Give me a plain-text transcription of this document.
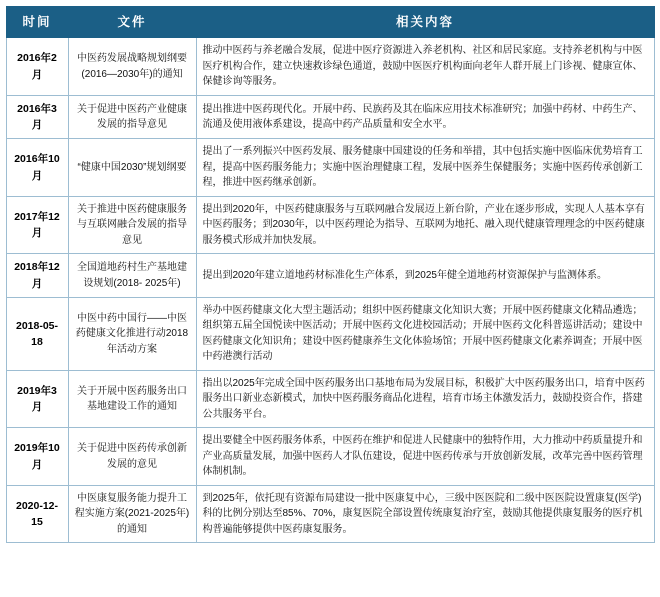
时间	文件	相关内容
2016年2月	中医药发展战略规划纲要(2016—2030年)的通知	推动中医药与养老融合发展，促进中医疗资源进入养老机构、社区和居民家庭。支持养老机构与中医医疗机构合作，建立快速救诊绿色通道，鼓励中医医疗机构面向老年人群开展上门诊视、健康宣体、保健诊询等服务。
2016年3月	关于促进中医药产业健康发展的指导意见	提出推进中医药现代化。开展中药、民族药及其在临床应用技术标准研究；加强中药材、中药生产、流通及使用液体系建设，提高中药产品质量和安全水平。
2016年10月	“健康中国2030”规划纲要	提出了一系列振兴中医药发展、服务健康中国建设的任务和举措，其中包括实施中医临床优势培育工程，提高中医药服务能力；实施中医治理健康工程，发展中医养生保健服务；实施中医药传承创新工程，推进中医药继承创新。
2017年12月	关于推进中医药健康服务与互联网融合发展的指导意见	提出到2020年，中医药健康服务与互联网融合发展迈上新台阶，产业在逐步形成，实现人人基本享有中医药服务；到2030年，以中医药理论为指导、互联网为地托、融入现代健康管理理念的中医药健康服务模式形成并加快发展。
2018年12月	全国道地药村生产基地建设规划(2018- 2025年)	提出到2020年建立道地药材标准化生产体系，到2025年健全道地药材资源保护与监测体系。
2018-05-18	中医中药中国行——中医药健康文化推进行动2018年活动方案	举办中医药健康文化大型主题活动；组织中医药健康文化知识大赛；开展中医药健康文化精品遴选；组织第五届全国悦读中医活动；开展中医药文化进校园活动；开展中医药文化科普巡讲活动；建设中医药健康文化知识角；建设中医药健康养生文化体验场馆；开展中医药健康文化素养调查；开展中医中药港澳行活动
2019年3月	关于开展中医药服务出口基地建设工作的通知	指出以2025年完成全国中医药服务出口基地布局为发展目标，积极扩大中医药服务出口，培育中医药服务出口新业态新模式，加快中医药服务商品化进程，培育市场主体激发活力，鼓励投资合作，搭建公共服务平台。
2019年10月	关于促进中医药传承创新发展的意见	提出要健全中医药服务体系，中医药在维护和促进人民健康中的独特作用，大力推动中药质量提升和产业高质量发展，加强中医药人才队伍建设，促进中医药传承与开放创新发展，改革完善中医药管理体制机制。
2020-12-15	中医康复服务能力提升工程实施方案(2021-2025年)的通知	到2025年，依托现有资源布局建设一批中医康复中心，三级中医医院和二级中医医院设置康复(医学)科的比例分别达至85%、70%，康复医院全部设置传统康复治疗室，鼓励其他提供康复服务的医疗机构普遍能够提供中医药康复服务。
